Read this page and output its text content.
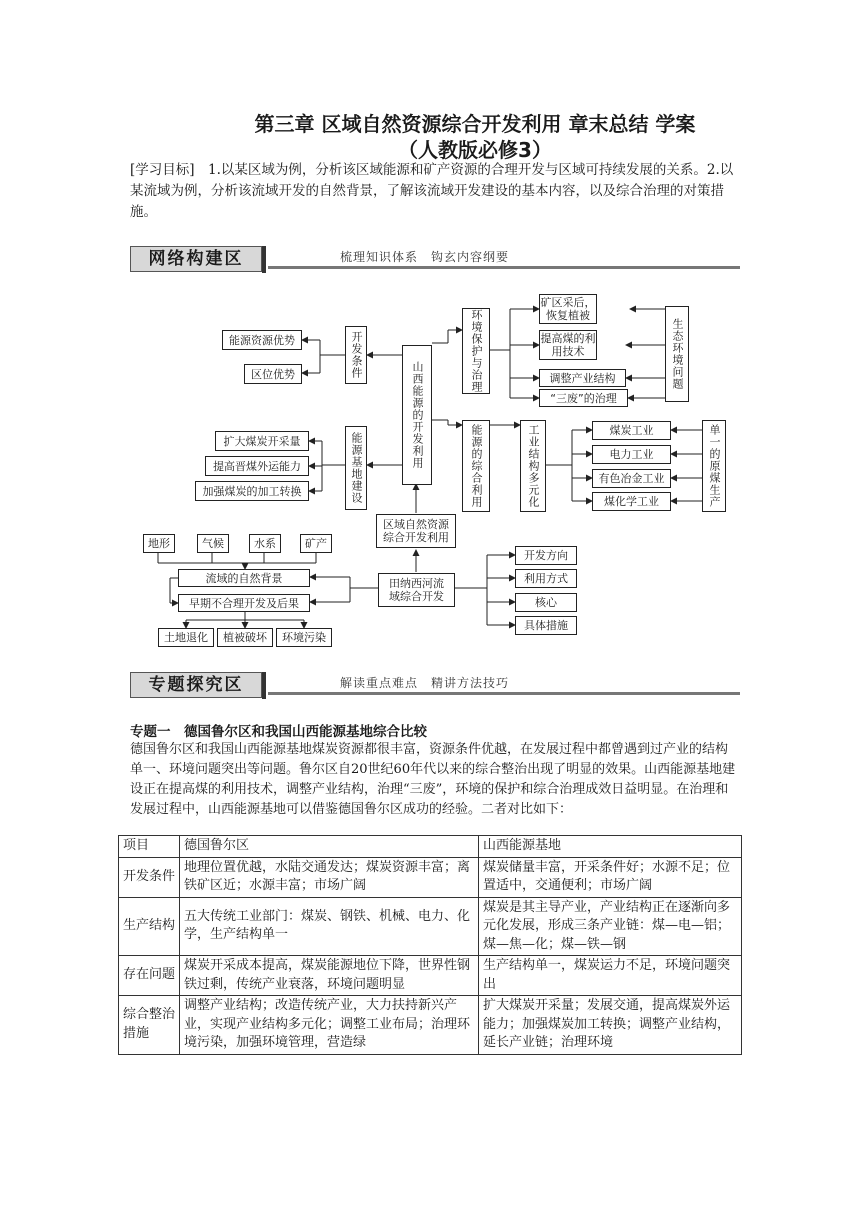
第三章 区域自然资源综合开发利用 章末总结 学案
（人教版必修3）
[学习目标]　1.以某区域为例，分析该区域能源和矿产资源的合理开发与区域可持续发展的关系。2.以某流域为例，分析该流域开发的自然背景，了解该流域开发建设的基本内容，以及综合治理的对策措施。
网络构建区	梳理知识体系　钩玄内容纲要
能源资源优势
区位优势	开发条件
山西能源的开发利用
扩大煤炭开采量
提高晋煤外运能力
加强煤炭的加工转换	能源基地建设
环境保护与治理
矿区采后，恢复植被
提高煤的利用技术
调整产业结构
“三废”的治理
生态环境问题
能源的综合利用	工业结构多元化	煤炭工业
电力工业
有色冶金工业
煤化学工业	单一的原煤生产
区域自然资源综合开发利用
田纳西河流域综合开发
地形	气候	水系	矿产
流域的自然背景
早期不合理开发及后果
土地退化	植被破坏	环境污染
开发方向
利用方式
核心
具体措施
专题探究区	解读重点难点　精讲方法技巧
专题一　德国鲁尔区和我国山西能源基地综合比较
德国鲁尔区和我国山西能源基地煤炭资源都很丰富，资源条件优越，在发展过程中都曾遇到过产业的结构单一、环境问题突出等问题。鲁尔区自20世纪60年代以来的综合整治出现了明显的效果。山西能源基地建设正在提高煤的利用技术，调整产业结构，治理“三废”，环境的保护和综合治理成效日益明显。在治理和发展过程中，山西能源基地可以借鉴德国鲁尔区成功的经验。二者对比如下：
项目	德国鲁尔区	山西能源基地
开发条件	地理位置优越，水陆交通发达；煤炭资源丰富；离铁矿区近；水源丰富；市场广阔	煤炭储量丰富，开采条件好；水源不足；位置适中，交通便利；市场广阔
生产结构	五大传统工业部门：煤炭、钢铁、机械、电力、化学，生产结构单一	煤炭是其主导产业，产业结构正在逐渐向多元化发展，形成三条产业链：煤—电—铝；煤—焦—化；煤—铁—钢
存在问题	煤炭开采成本提高，煤炭能源地位下降，世界性钢铁过剩，传统产业衰落，环境问题明显	生产结构单一，煤炭运力不足，环境问题突出
综合整治措施	调整产业结构；改造传统产业，大力扶持新兴产业，实现产业结构多元化；调整工业布局；治理环境污染，加强环境管理，营造绿	扩大煤炭开采量；发展交通，提高煤炭外运能力；加强煤炭加工转换；调整产业结构，延长产业链；治理环境
